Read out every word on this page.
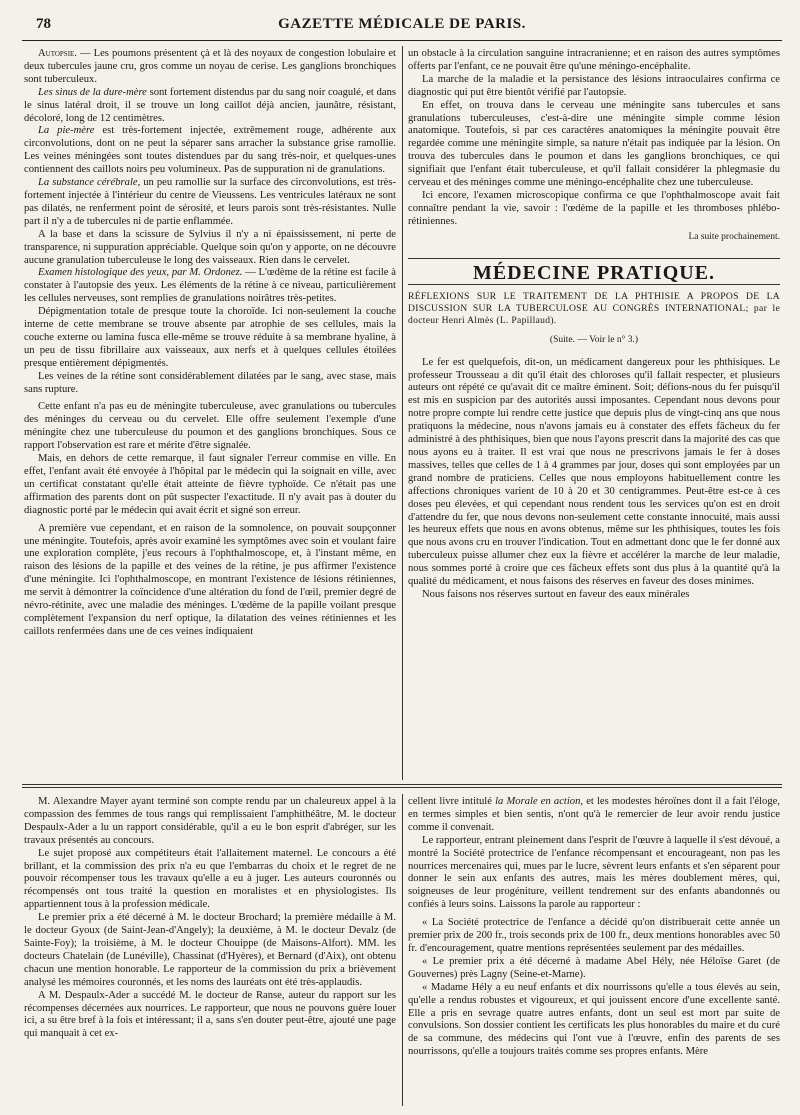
78	GAZETTE MÉDICALE DE PARIS.

Autopsie. — Les poumons présentent çà et là des noyaux de congestion lobulaire et deux tubercules jaune cru, gros comme un noyau de cerise. Les ganglions bronchiques sont tuberculeux.

Les sinus de la dure-mère sont fortement distendus par du sang noir coagulé, et dans le sinus latéral droit, il se trouve un long caillot déjà ancien, jaunâtre, résistant, décoloré, long de 12 centimètres.

La pie-mère est très-fortement injectée, extrêmement rouge, adhérente aux circonvolutions, dont on ne peut la séparer sans arracher la substance grise ramollie. Les veines méningées sont toutes distendues par du sang très-noir, et quelques-unes contiennent des caillots noirs peu volumineux. Pas de suppuration ni de granulations.

La substance cérébrale, un peu ramollie sur la surface des circonvolutions, est très-fortement injectée à l'intérieur du centre de Vieussens. Les ventricules latéraux ne sont pas dilatés, ne renferment point de sérosité, et leurs parois sont très-résistantes. Nulle part il n'y a de tubercules ni de partie enflammée.

A la base et dans la scissure de Sylvius il n'y a ni épaississement, ni perte de transparence, ni suppuration appréciable. Quelque soin qu'on y apporte, on ne découvre aucune granulation tuberculeuse le long des vaisseaux. Rien dans le cervelet.

Examen histologique des yeux, par M. Ordonez. — L'œdème de la rétine est facile à constater à l'autopsie des yeux. Les éléments de la rétine à ce niveau, particulièrement les cellules nerveuses, sont remplies de granulations noirâtres très-petites.

Dépigmentation totale de presque toute la choroïde. Ici non-seulement la couche interne de cette membrane se trouve absente par atrophie de ses cellules, mais la couche externe ou lamina fusca elle-même se trouve réduite à sa membrane hyaline, à un peu de tissu fibrillaire aux vaisseaux, aux nerfs et à quelques cellules étoilées presque entièrement dépigmentés.

Les veines de la rétine sont considérablement dilatées par le sang, avec stase, mais sans rupture.

Cette enfant n'a pas eu de méningite tuberculeuse, avec granulations ou tubercules des méninges du cerveau ou du cervelet. Elle offre seulement l'exemple d'une méningite chez une tuberculeuse du poumon et des ganglions bronchiques. Sous ce rapport l'observation est rare et mérite d'être signalée.

Mais, en dehors de cette remarque, il faut signaler l'erreur commise en ville. En effet, l'enfant avait été envoyée à l'hôpital par le médecin qui la soignait en ville, avec un certificat constatant qu'elle était atteinte de fièvre typhoïde. Ce n'était pas une affirmation des parents dont on pût suspecter l'exactitude. Il n'y avait pas à douter du diagnostic porté par le médecin qui avait écrit et signé son erreur.

A première vue cependant, et en raison de la somnolence, on pouvait soupçonner une méningite. Toutefois, après avoir examiné les symptômes avec soin et voulant faire une exploration complète, j'eus recours à l'ophthalmoscope, et, à l'instant même, en raison des lésions de la papille et des veines de la rétine, je pus affirmer l'existence d'une méningite. Ici l'ophthalmoscope, en montrant l'existence de lésions rétiniennes, me servit à démontrer la coïncidence d'une altération du fond de l'œil, premier degré de névro-rétinite, avec une maladie des méninges. L'œdème de la papille voilant presque complètement l'expansion du nerf optique, la dilatation des veines rétiniennes et les caillots renfermées dans une de ces veines indiquaient

un obstacle à la circulation sanguine intracranienne; et en raison des autres symptômes offerts par l'enfant, ce ne pouvait être qu'une méningo-encéphalite.

La marche de la maladie et la persistance des lésions intraoculaires confirma ce diagnostic qui put être bientôt vérifié par l'autopsie.

En effet, on trouva dans le cerveau une méningite sans tubercules et sans granulations tuberculeuses, c'est-à-dire une méningite simple comme lésion anatomique. Toutefois, si par ces caractères anatomiques la méningite pouvait être regardée comme une méningite simple, sa nature n'était pas indiquée par la lésion. On trouva des tubercules dans le poumon et dans les ganglions bronchiques, ce qui signifiait que l'enfant était tuberculeuse, et qu'il fallait considérer la phlegmasie du cerveau et des méninges comme une méningo-encéphalite chez une tuberculeuse.

Ici encore, l'examen microscopique confirma ce que l'ophthalmoscope avait fait connaître pendant la vie, savoir : l'œdème de la papille et les thromboses phlébo-rétiniennes.

La suite prochainement.
MÉDECINE PRATIQUE.

RÉFLEXIONS SUR LE TRAITEMENT DE LA PHTHISIE A PROPOS DE LA DISCUSSION SUR LA TUBERCULOSE AU CONGRÈS INTERNATIONAL; par le docteur Henri Almès (L. Papillaud).

(Suite. — Voir le n° 3.)

Le fer est quelquefois, dit-on, un médicament dangereux pour les phthisiques. Le professeur Trousseau a dit qu'il était des chloroses qu'il fallait respecter, et plusieurs auteurs ont répété ce qu'avait dit ce maître éminent. Soit; défions-nous du fer puisqu'il est mis en suspicion par des autorités aussi imposantes. Cependant nous devons pour notre propre compte lui rendre cette justice que depuis plus de vingt-cinq ans que nous pratiquons la médecine, nous n'avons jamais eu à constater des effets fâcheux du fer administré à des phthisiques, bien que nous l'ayons prescrit dans la majorité des cas que nous ayons eu à traiter. Il est vrai que nous ne prescrivons jamais le fer à doses massives, telles que celles de 1 à 4 grammes par jour, doses qui sont employées par un grand nombre de praticiens. Celles que nous employons habituellement contre les affections chroniques varient de 10 à 20 et 30 centigrammes. Peut-être est-ce à ces doses peu élevées, et qui cependant nous rendent tous les services qu'on est en droit d'attendre du fer, que nous devons non-seulement cette constante innocuité, mais aussi les heureux effets que nous en avons obtenus, même sur les phthisiques, toutes les fois que nous avons cru en trouver l'indication. Tout en admettant donc que le fer donné aux tuberculeux puisse allumer chez eux la fièvre et accélérer la marche de leur maladie, nous sommes porté à croire que ces fâcheux effets sont dus plus à la quantité qu'à la qualité du médicament, et nous faisons des réserves en faveur des doses minimes.

Nous faisons nos réserves surtout en faveur des eaux minérales

M. Alexandre Mayer ayant terminé son compte rendu par un chaleureux appel à la compassion des femmes de tous rangs qui remplissaient l'amphithéâtre, M. le docteur Despaulx-Ader a lu un rapport considérable, qu'il a eu le bon esprit d'abréger, sur les travaux présentés au concours.

Le sujet proposé aux compétiteurs était l'allaitement maternel. Le concours a été brillant, et la commission des prix n'a eu que l'embarras du choix et le regret de ne pouvoir récompenser tous les travaux qu'elle a eu à juger. Les auteurs couronnés ou récompensés ont tous traité la question en moralistes et en physiologistes. Ils appartiennent tous à la profession médicale.

Le premier prix a été décerné à M. le docteur Brochard; la première médaille à M. le docteur Gyoux (de Saint-Jean-d'Angely); la deuxième, à M. le docteur Devalz (de Sainte-Foy); la troisième, à M. le docteur Chouippe (de Maisons-Alfort). MM. les docteurs Chatelain (de Lunéville), Chassinat (d'Hyères), et Bernard (d'Aix), ont obtenu chacun une mention honorable. Le rapporteur de la commission du prix a brièvement analysé les mémoires couronnés, et les noms des lauréats ont été très-applaudis.

A M. Despaulx-Ader a succédé M. le docteur de Ranse, auteur du rapport sur les récompenses décernées aux nourrices. Le rapporteur, que nous ne pouvons guère louer ici, a su être bref à la fois et intéressant; il a, sans s'en douter peut-être, ajouté une page qui manquait à cet ex-

cellent livre intitulé la Morale en action, et les modestes héroïnes dont il a fait l'éloge, en termes simples et bien sentis, n'ont qu'à le remercier de leur avoir rendu justice comme il convenait.

Le rapporteur, entrant pleinement dans l'esprit de l'œuvre à laquelle il s'est dévoué, a montré la Société protectrice de l'enfance récompensant et encourageant, non pas les nourrices mercenaires qui, mues par le lucre, sèvrent leurs enfants et s'en séparent pour donner le sein aux enfants des autres, mais les mères doublement mères, qui, soigneuses de leur progéniture, veillent tendrement sur des enfants abandonnés ou confiés à leurs soins. Laissons la parole au rapporteur :

« La Société protectrice de l'enfance a décidé qu'on distribuerait cette année un premier prix de 200 fr., trois seconds prix de 100 fr., deux mentions honorables avec 50 fr. d'encouragement, quatre mentions représentées seulement par des médailles.

« Le premier prix a été décerné à madame Abel Hély, née Héloïse Garet (de Gouvernes) près Lagny (Seine-et-Marne).

« Madame Hély a eu neuf enfants et dix nourrissons qu'elle a tous élevés au sein, qu'elle a rendus robustes et vigoureux, et qui jouissent encore d'une excellente santé. Elle a pris en sevrage quatre autres enfants, dont un seul est mort par suite de convulsions. Son dossier contient les certificats les plus honorables du maire et du curé de sa commune, des médecins qui l'ont vue à l'œuvre, enfin des parents de ses nourrissons, qu'elle a toujours traités comme ses propres enfants. Mère
